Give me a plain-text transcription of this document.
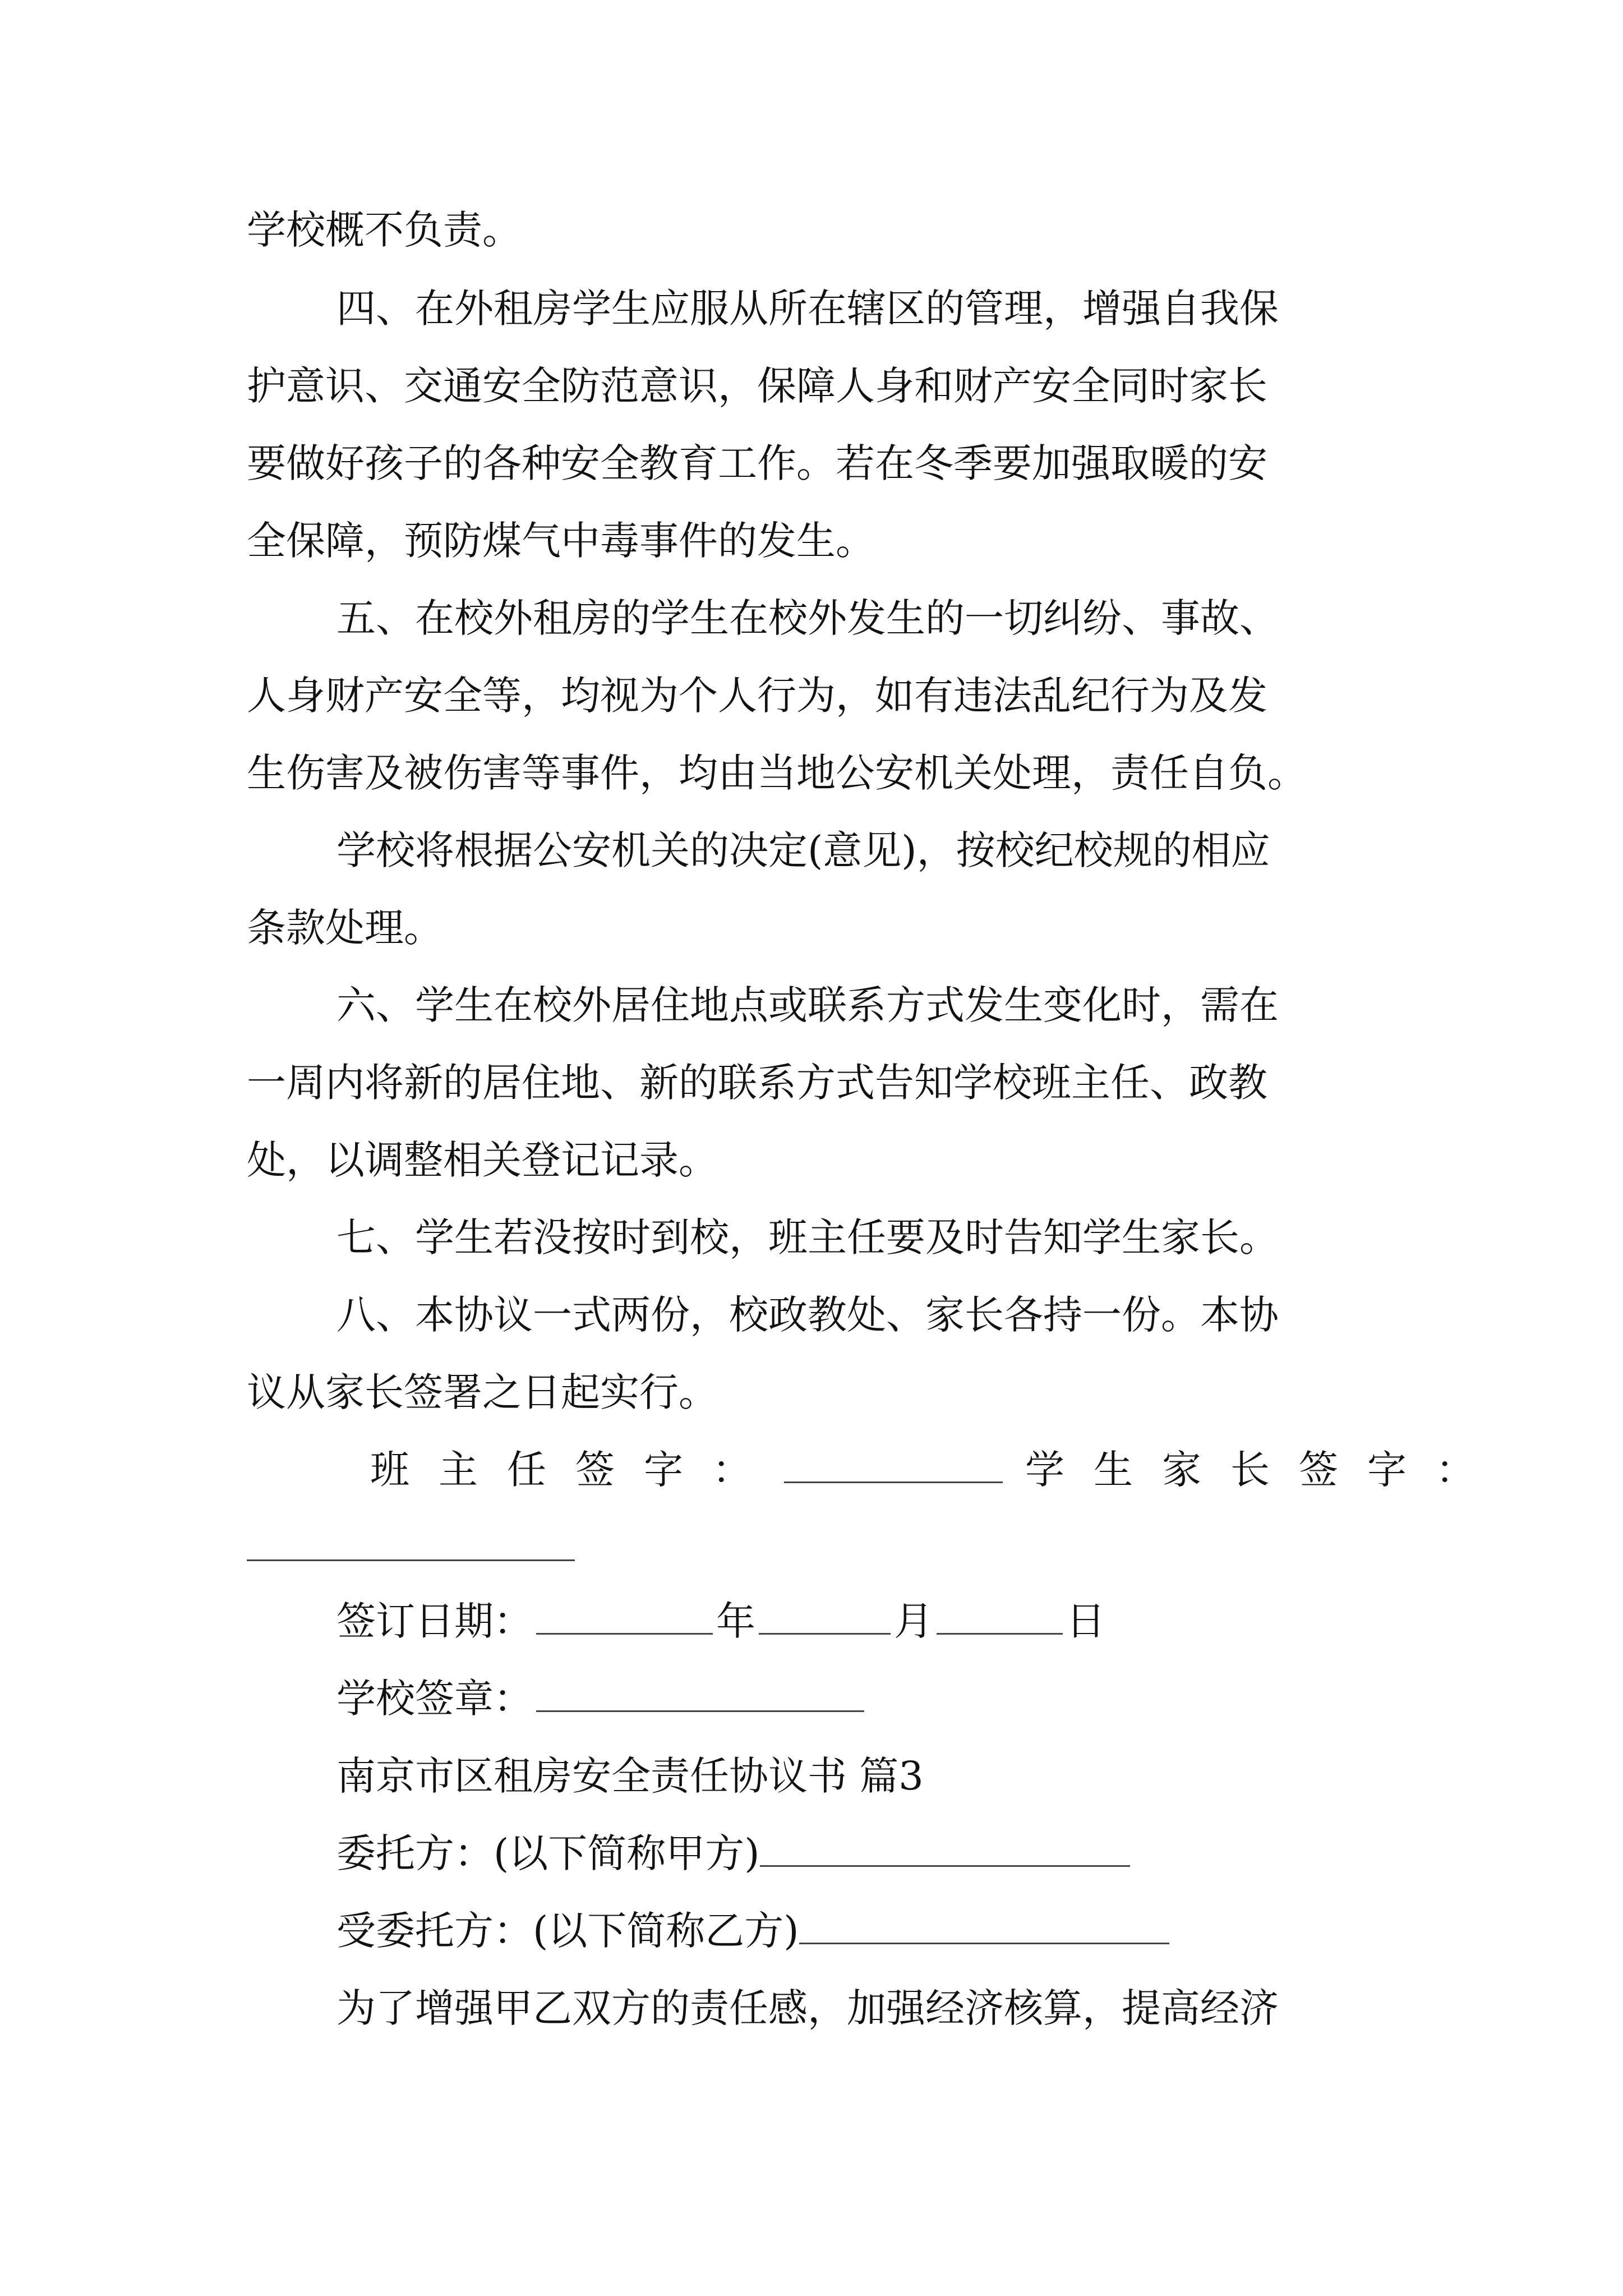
学校概不负责。
四、在外租房学生应服从所在辖区的管理，增强自我保
护意识、交通安全防范意识，保障人身和财产安全同时家长
要做好孩子的各种安全教育工作。若在冬季要加强取暖的安
全保障，预防煤气中毒事件的发生。
五、在校外租房的学生在校外发生的一切纠纷、事故、
人身财产安全等，均视为个人行为，如有违法乱纪行为及发
生伤害及被伤害等事件，均由当地公安机关处理，责任自负。
学校将根据公安机关的决定(意见)，按校纪校规的相应
条款处理。
六、学生在校外居住地点或联系方式发生变化时，需在
一周内将新的居住地、新的联系方式告知学校班主任、政教
处，以调整相关登记记录。
七、学生若没按时到校，班主任要及时告知学生家长。
八、本协议一式两份，校政教处、家长各持一份。本协
议从家长签署之日起实行。
班主任签字：	学生家长签字：
签订日期：	年	月	日
学校签章：
南京市区租房安全责任协议书 篇3
委托方：(以下简称甲方)
受委托方：(以下简称乙方)
为了增强甲乙双方的责任感，加强经济核算，提高经济
